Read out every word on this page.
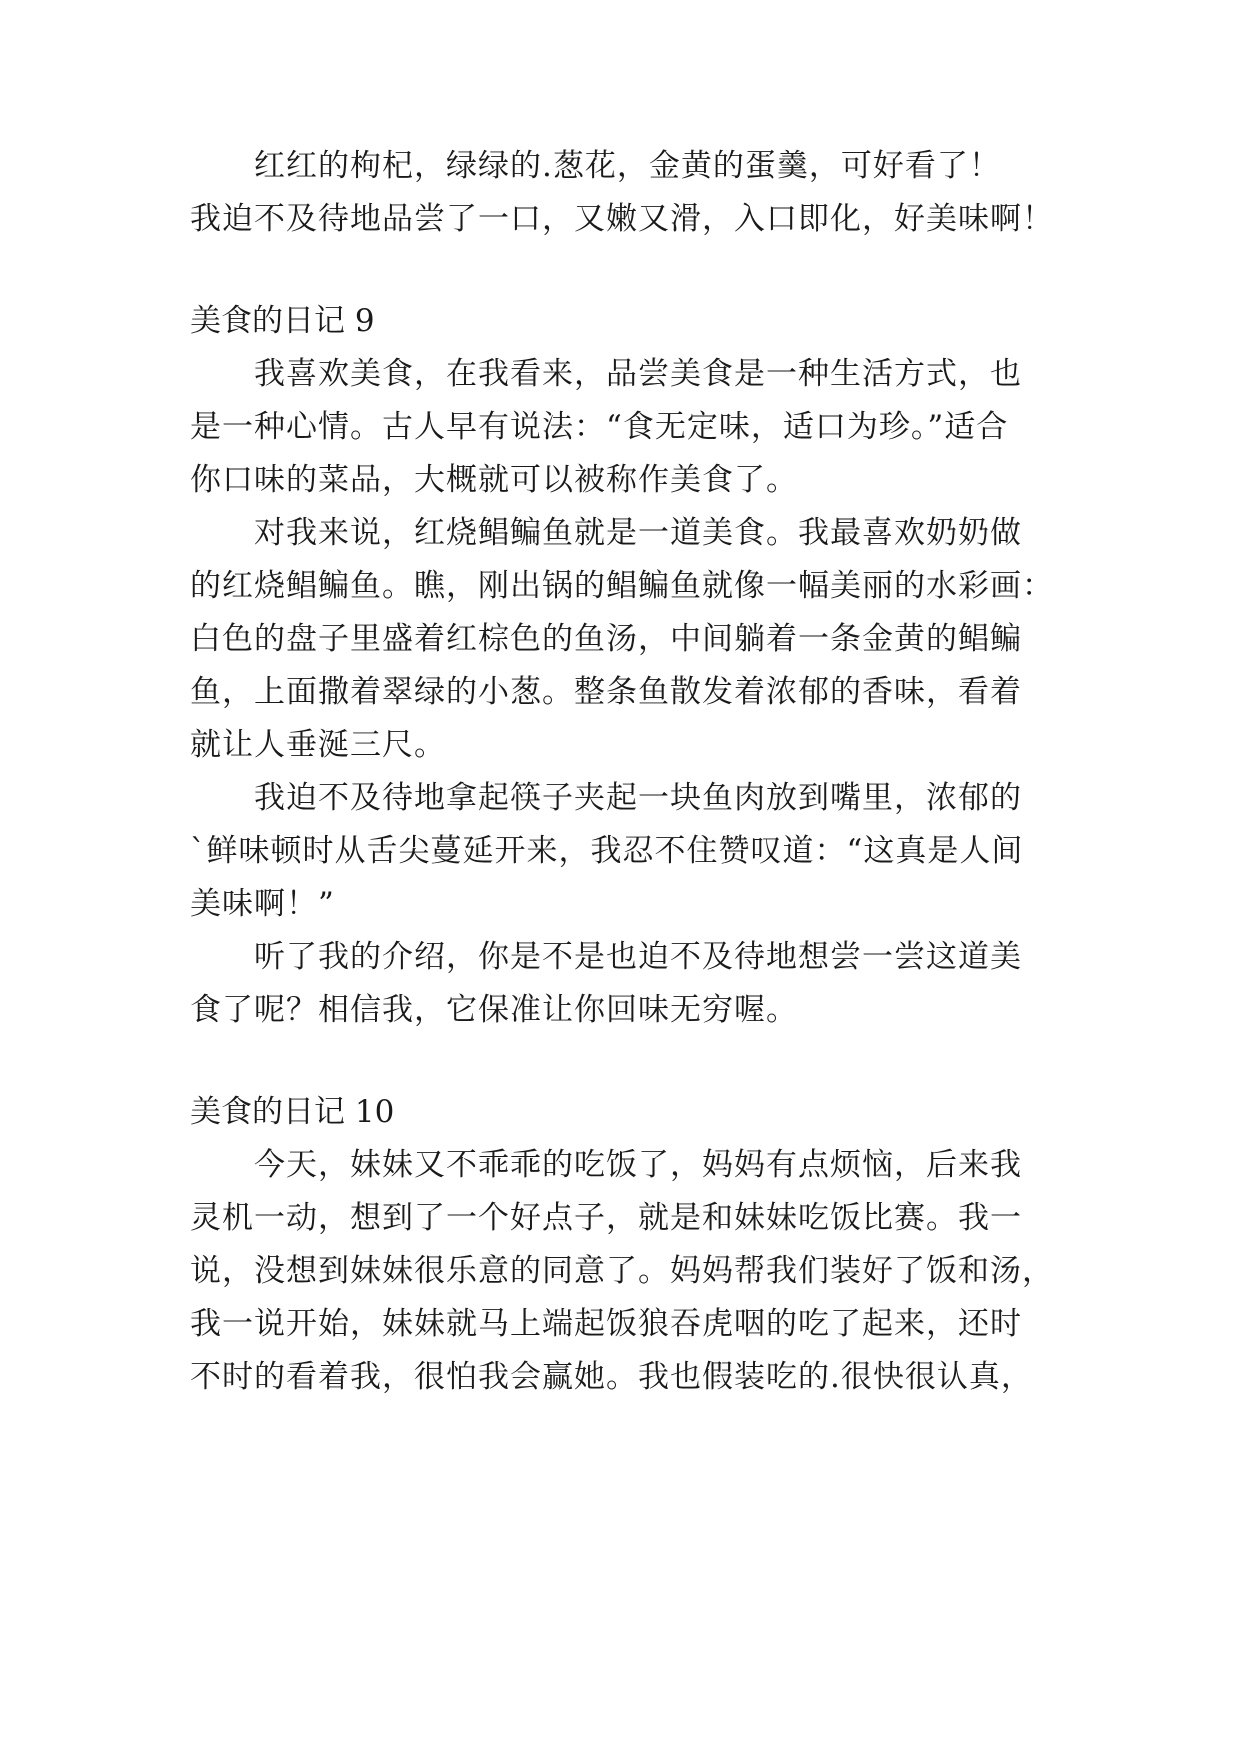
红红的枸杞，绿绿的.葱花，金黄的蛋羹，可好看了！
我迫不及待地品尝了一口，又嫩又滑，入口即化，好美味啊！
美食的日记 9
我喜欢美食，在我看来，品尝美食是一种生活方式，也
是一种心情。古人早有说法：“食无定味，适口为珍。”适合
你口味的菜品，大概就可以被称作美食了。
对我来说，红烧鲳鳊鱼就是一道美食。我最喜欢奶奶做
的红烧鲳鳊鱼。瞧，刚出锅的鲳鳊鱼就像一幅美丽的水彩画：
白色的盘子里盛着红棕色的鱼汤，中间躺着一条金黄的鲳鳊
鱼，上面撒着翠绿的小葱。整条鱼散发着浓郁的香味，看着
就让人垂涎三尺。
我迫不及待地拿起筷子夹起一块鱼肉放到嘴里，浓郁的
`鲜味顿时从舌尖蔓延开来，我忍不住赞叹道：“这真是人间
美味啊！”
听了我的介绍，你是不是也迫不及待地想尝一尝这道美
食了呢？相信我，它保准让你回味无穷喔。
美食的日记 10
今天，妹妹又不乖乖的吃饭了，妈妈有点烦恼，后来我
灵机一动，想到了一个好点子，就是和妹妹吃饭比赛。我一
说，没想到妹妹很乐意的同意了。妈妈帮我们装好了饭和汤，
我一说开始，妹妹就马上端起饭狼吞虎咽的吃了起来，还时
不时的看着我，很怕我会赢她。我也假装吃的.很快很认真，
